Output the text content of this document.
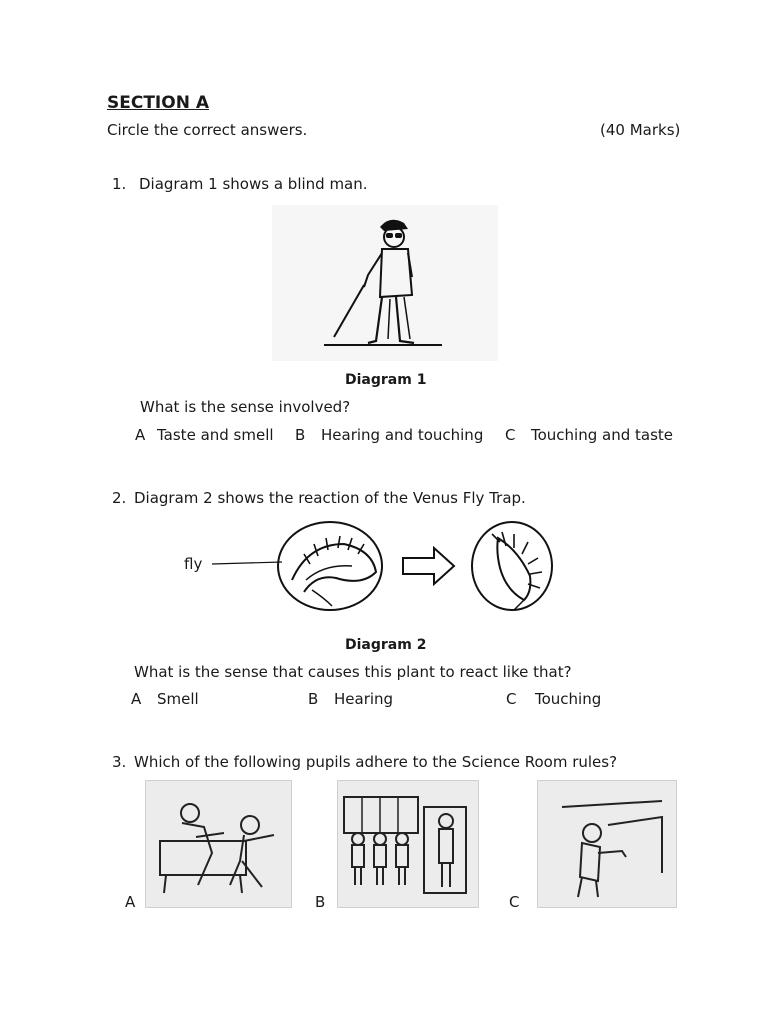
SECTION A
Circle the correct answers.	(40 Marks)
1. Diagram 1 shows a blind man.
Diagram 1
What is the sense involved?
A Taste and smell B Hearing and touching C Touching and taste
2. Diagram 2 shows the reaction of the Venus Fly Trap.
fly
Diagram 2
What is the sense that causes this plant to react like that?
A Smell	B Hearing	C Touching
3. Which of the following pupils adhere to the Science Room rules?
A	B	C
